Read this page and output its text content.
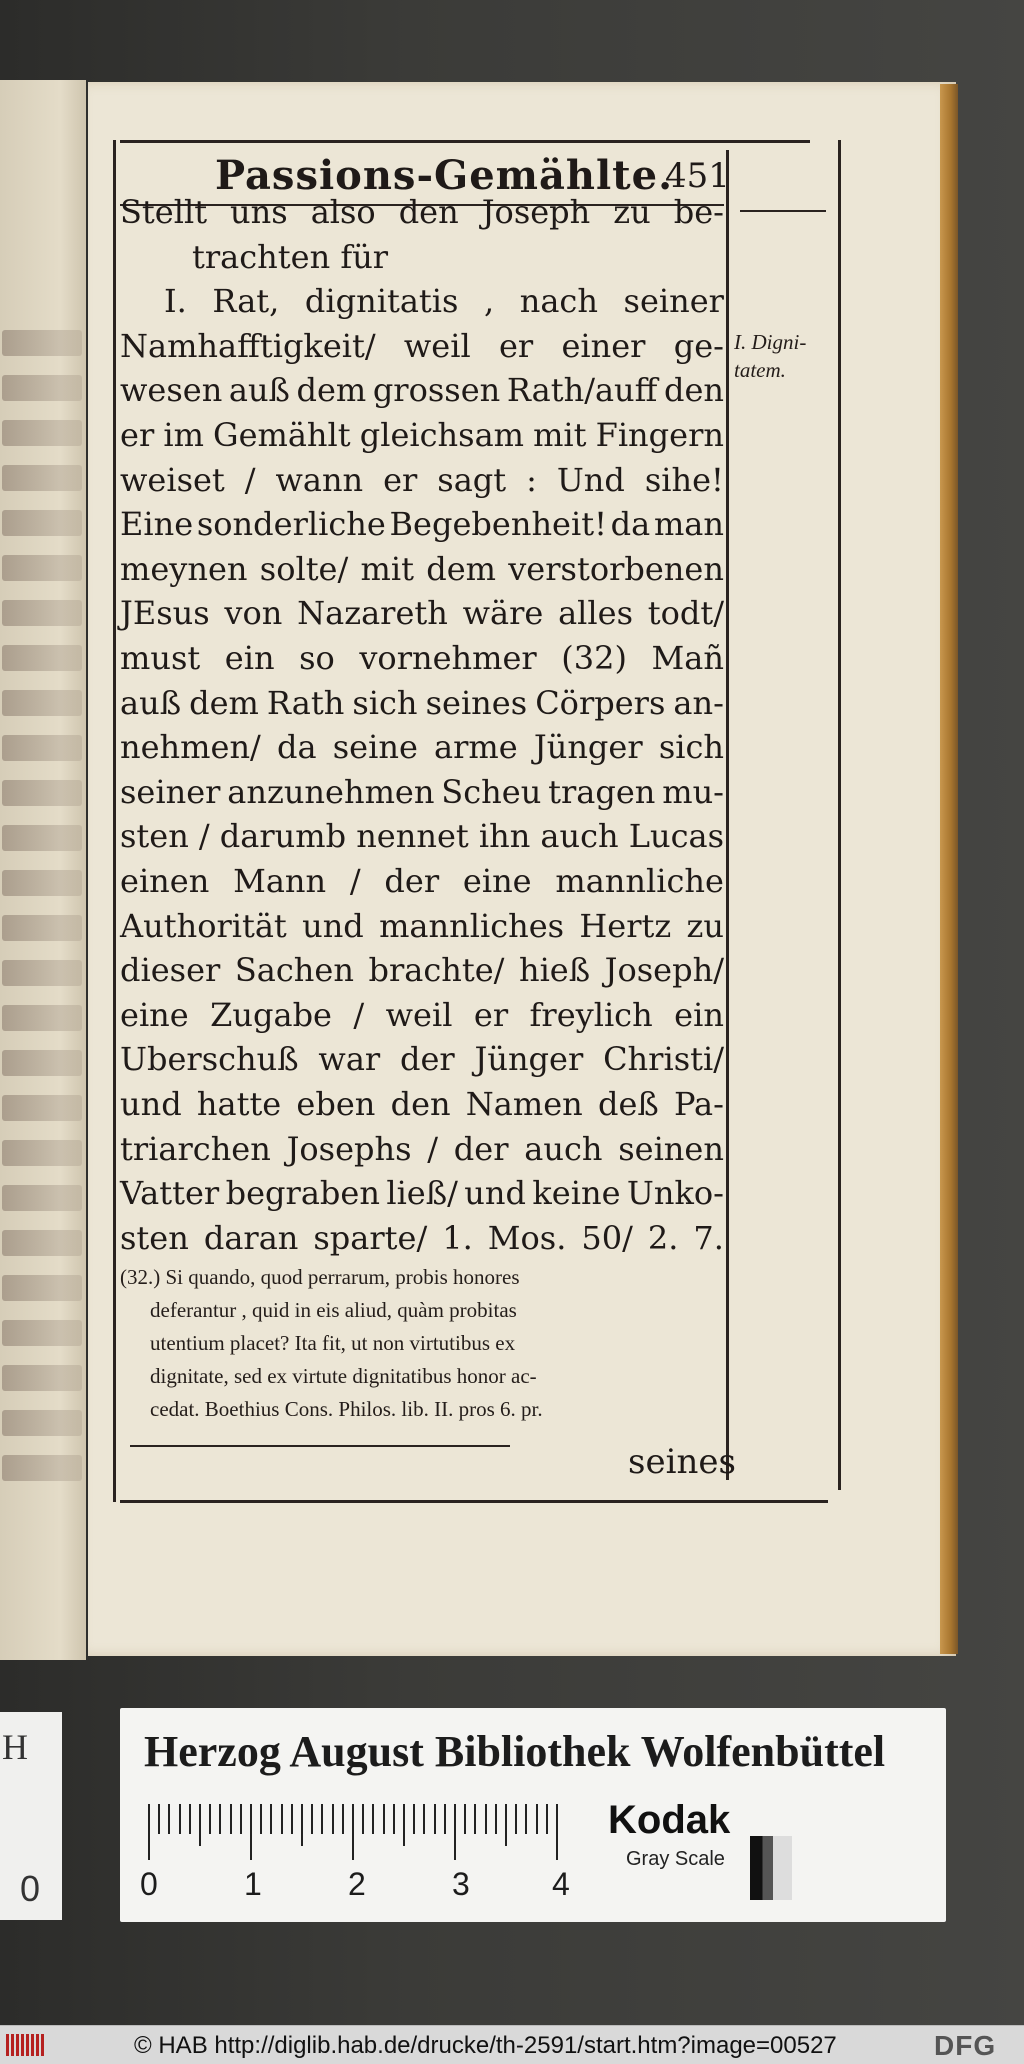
Passions-Gemählte.
451
Stellt uns also den Joseph zu be-
trachten für
I. Rat, dignitatis , nach seiner
Namhafftigkeit/ weil er einer ge-
wesen auß dem grossen Rath/auff den
er im Gemählt gleichsam mit Fingern
weiset / wann er sagt : Und sihe!
Eine sonderliche Begebenheit! da man
meynen solte/ mit dem verstorbenen
JEsus von Nazareth wäre alles todt/
must ein so vornehmer (32) Mañ
auß dem Rath sich seines Cörpers an-
nehmen/ da seine arme Jünger sich
seiner anzunehmen Scheu tragen mu-
sten / darumb nennet ihn auch Lucas
einen Mann / der eine mannliche
Authorität und mannliches Hertz zu
dieser Sachen brachte/ hieß Joseph/
eine Zugabe / weil er freylich ein
Uberschuß war der Jünger Christi/
und hatte eben den Namen deß Pa-
triarchen Josephs / der auch seinen
Vatter begraben ließ/ und keine Unko-
sten daran sparte/ 1. Mos. 50/ 2. 7.
(32.) Si quando, quod perrarum, probis honores
deferantur , quid in eis aliud, quàm probitas
utentium placet? Ita fit, ut non virtutibus ex
dignitate, sed ex virtute dignitatibus honor ac-
cedat. Boethius Cons. Philos. lib. II. pros 6. pr.
I. Digni-
tatem.
seines
H
0
Herzog August Bibliothek Wolfenbüttel
0	1	2	3	4
Kodak
Gray Scale
© HAB http://diglib.hab.de/drucke/th-2591/start.htm?image=00527	DFG
